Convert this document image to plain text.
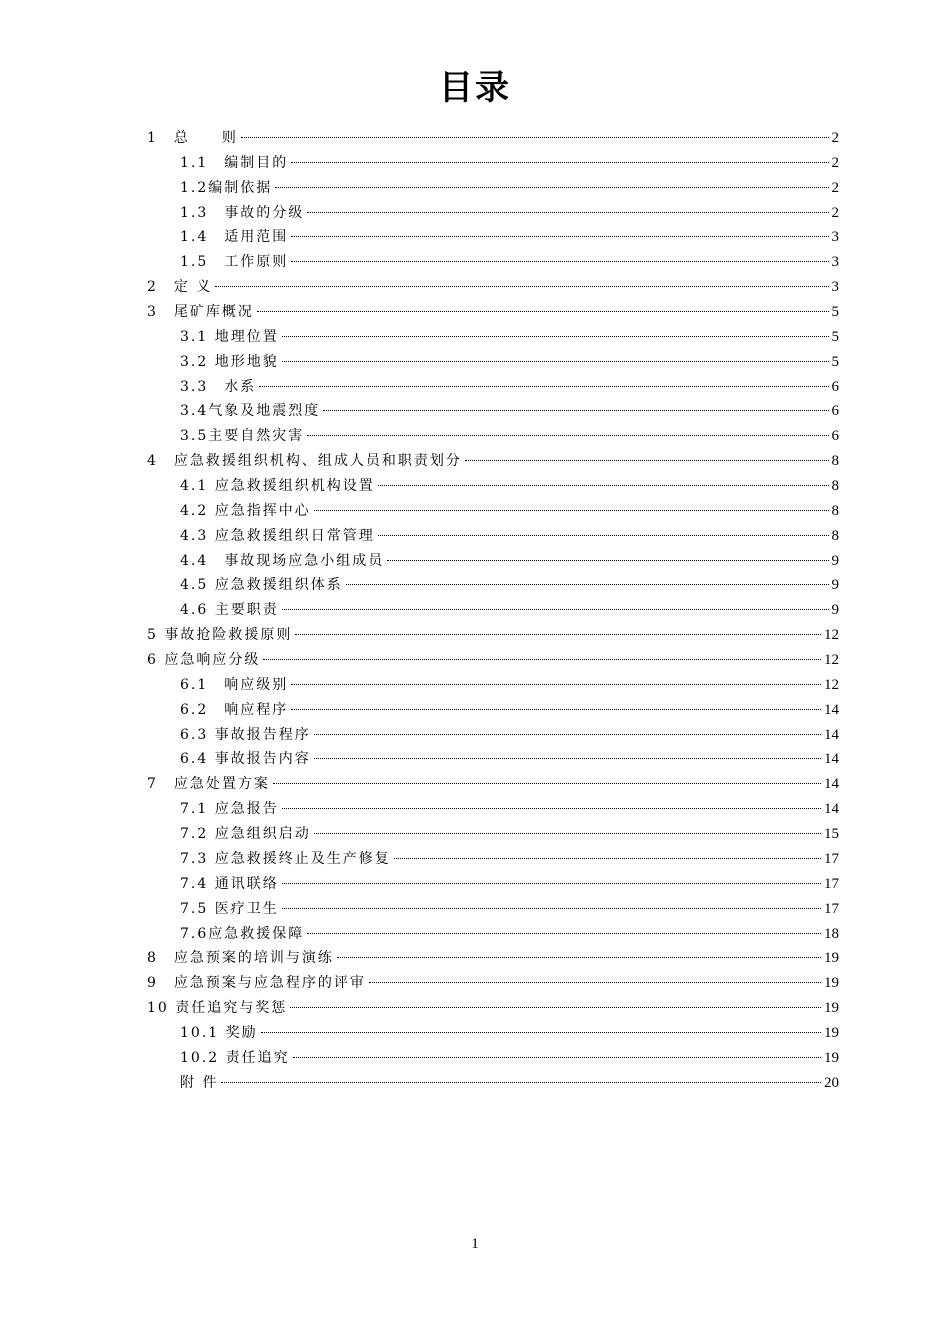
目录
1　总　　则	2
1.1　编制目的	2
1.2编制依据	2
1.3　事故的分级	2
1.4　适用范围	3
1.5　工作原则	3
2　定 义	3
3　尾矿库概况	5
3.1 地理位置	5
3.2 地形地貌	5
3.3　水系	6
3.4气象及地震烈度	6
3.5主要自然灾害	6
4　应急救援组织机构、组成人员和职责划分	8
4.1 应急救援组织机构设置	8
4.2 应急指挥中心	8
4.3 应急救援组织日常管理	8
4.4　事故现场应急小组成员	9
4.5 应急救援组织体系	9
4.6 主要职责	9
5 事故抢险救援原则	12
6 应急响应分级	12
6.1　响应级别	12
6.2　响应程序	14
6.3 事故报告程序	14
6.4 事故报告内容	14
7　应急处置方案	14
7.1 应急报告	14
7.2 应急组织启动	15
7.3 应急救援终止及生产修复	17
7.4 通讯联络	17
7.5 医疗卫生	17
7.6应急救援保障	18
8　应急预案的培训与演练	19
9　应急预案与应急程序的评审	19
10 责任追究与奖惩	19
10.1 奖励	19
10.2 责任追究	19
附 件	20
1
